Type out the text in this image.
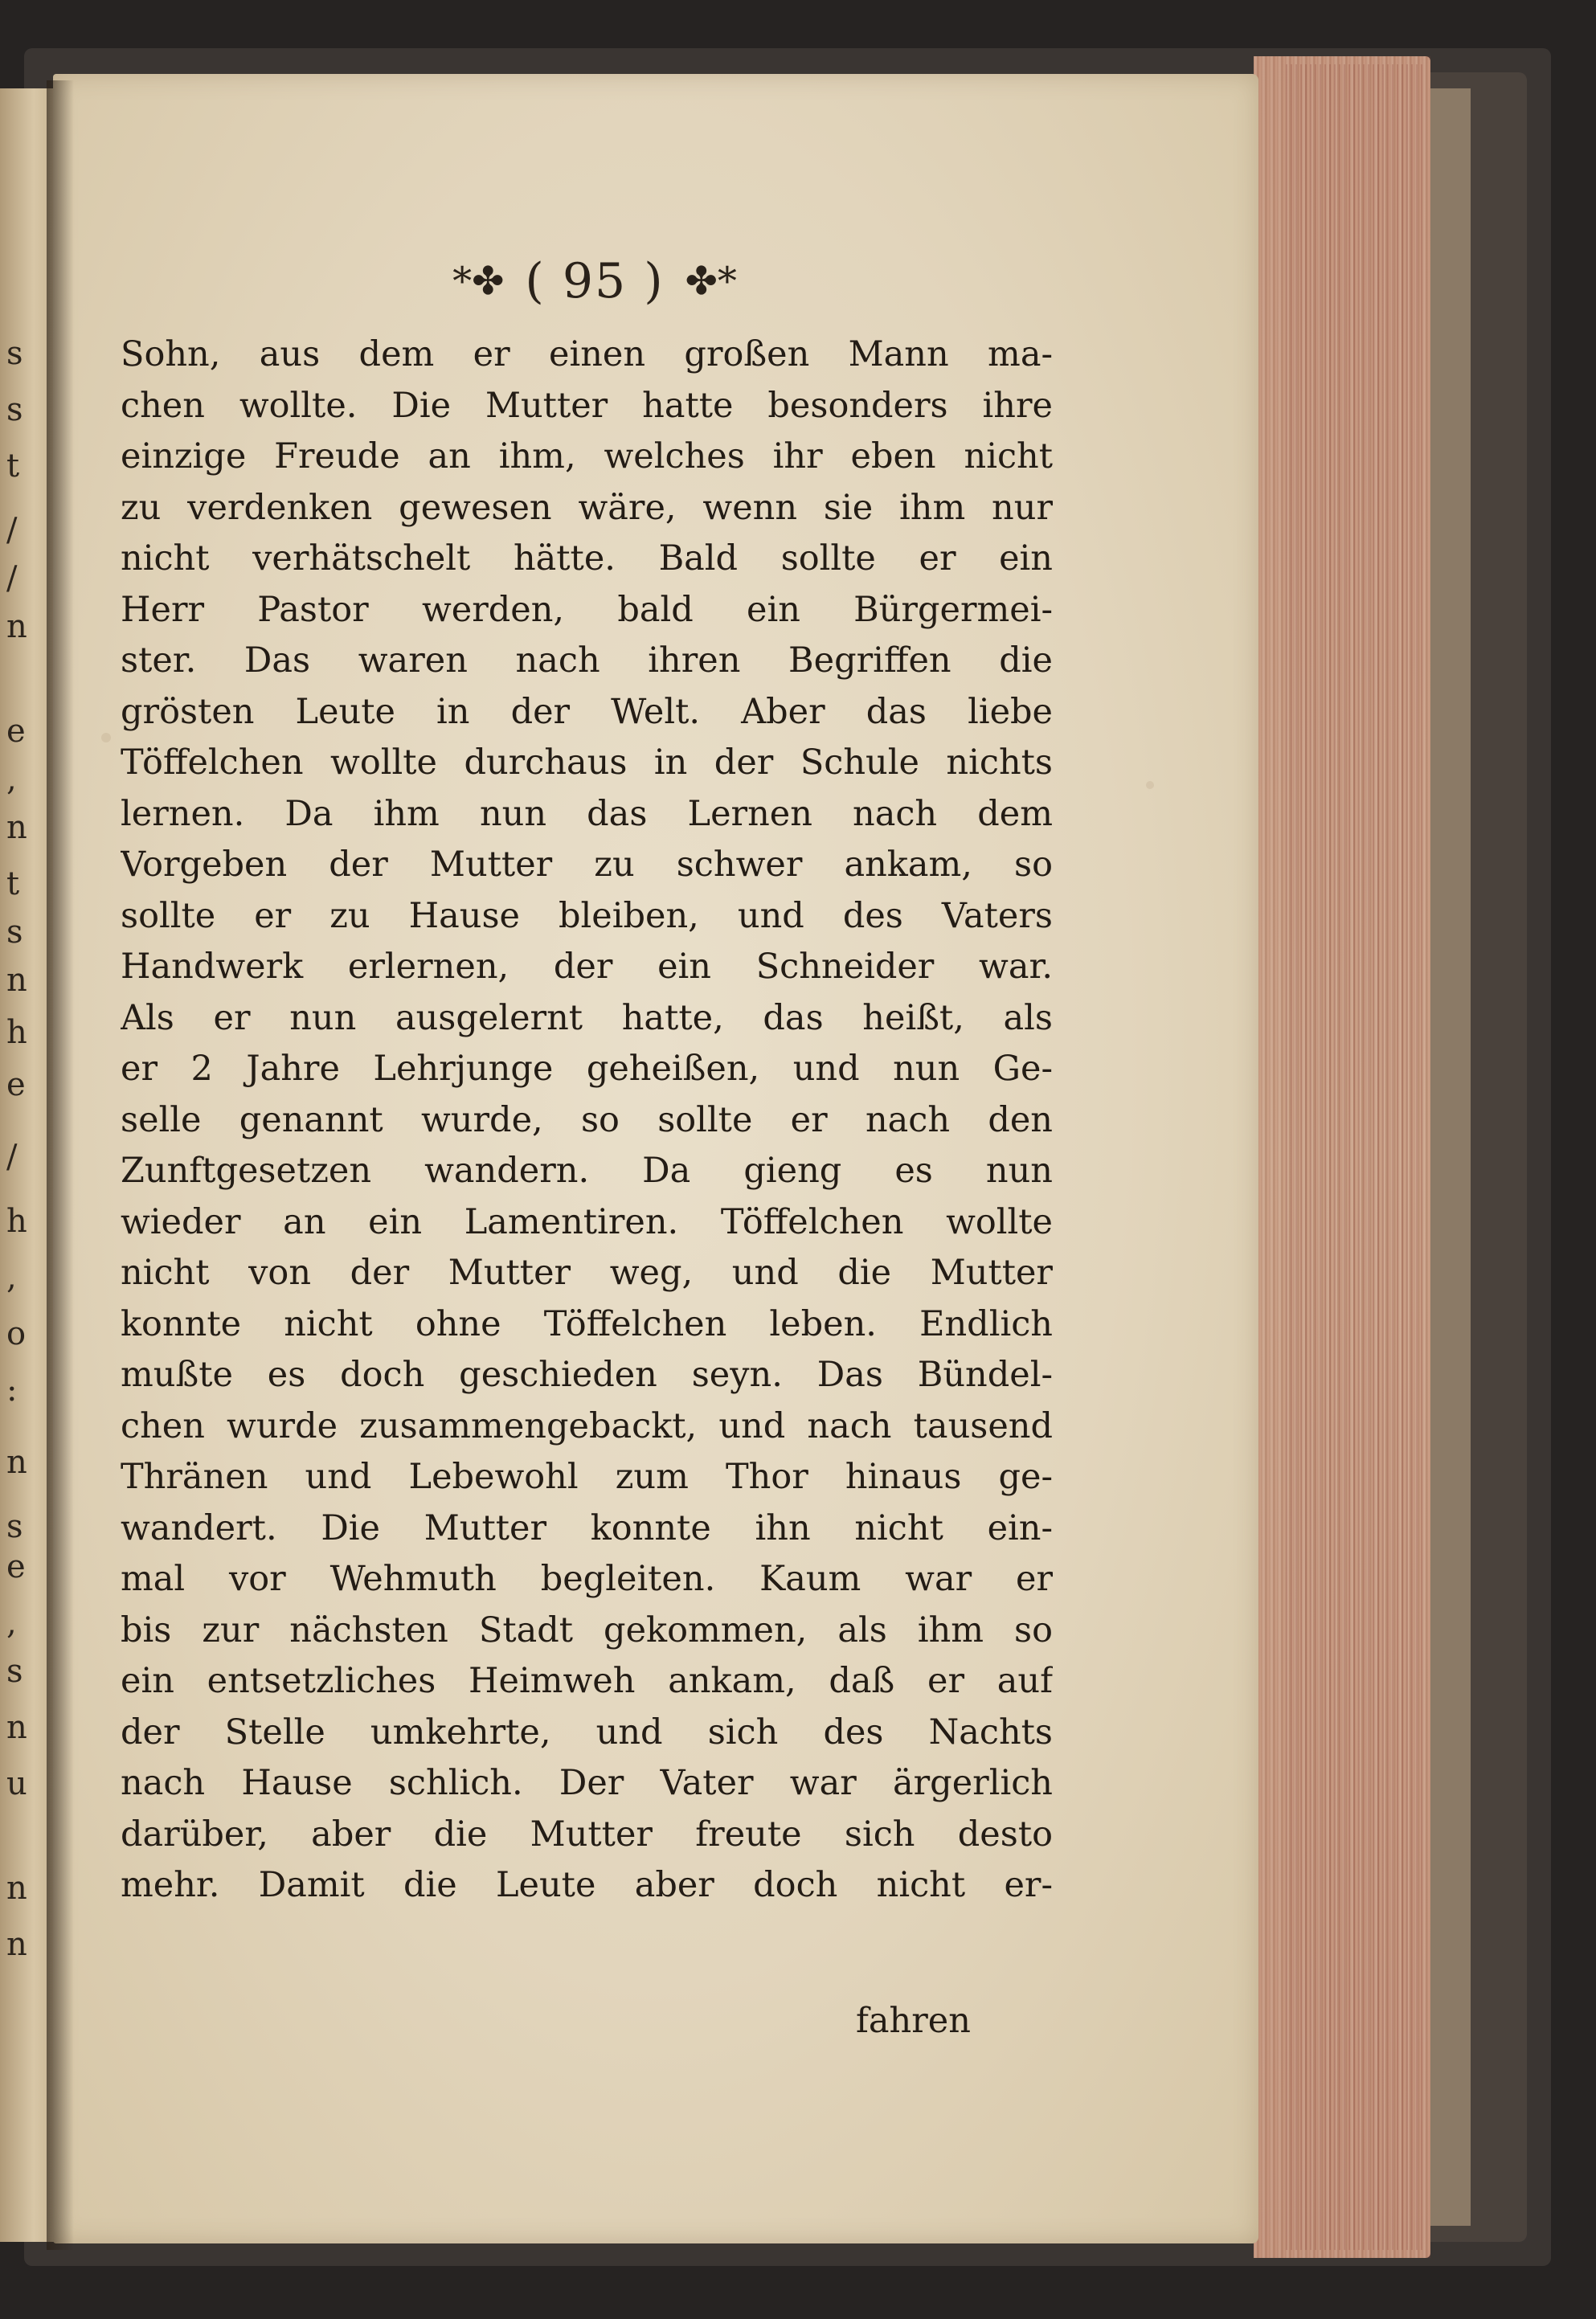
s
s
t
/
/
n
e
,
n
t
s
n
h
e
/
h
,
o
:
n
s
e
,
s
n
u
n
n
*✤ ( 95 ) ✤*
Sohn, aus dem er einen großen Mann ma-
chen wollte. Die Mutter hatte besonders ihre
einzige Freude an ihm, welches ihr eben nicht
zu verdenken gewesen wäre, wenn sie ihm nur
nicht verhätschelt hätte. Bald sollte er ein
Herr Pastor werden, bald ein Bürgermei-
ster. Das waren nach ihren Begriffen die
grösten Leute in der Welt. Aber das liebe
Töffelchen wollte durchaus in der Schule nichts
lernen. Da ihm nun das Lernen nach dem
Vorgeben der Mutter zu schwer ankam, so
sollte er zu Hause bleiben, und des Vaters
Handwerk erlernen, der ein Schneider war.
Als er nun ausgelernt hatte, das heißt, als
er 2 Jahre Lehrjunge geheißen, und nun Ge-
selle genannt wurde, so sollte er nach den
Zunftgesetzen wandern. Da gieng es nun
wieder an ein Lamentiren. Töffelchen wollte
nicht von der Mutter weg, und die Mutter
konnte nicht ohne Töffelchen leben. Endlich
mußte es doch geschieden seyn. Das Bündel-
chen wurde zusammengebackt, und nach tausend
Thränen und Lebewohl zum Thor hinaus ge-
wandert. Die Mutter konnte ihn nicht ein-
mal vor Wehmuth begleiten. Kaum war er
bis zur nächsten Stadt gekommen, als ihm so
ein entsetzliches Heimweh ankam, daß er auf
der Stelle umkehrte, und sich des Nachts
nach Hause schlich. Der Vater war ärgerlich
darüber, aber die Mutter freute sich desto
mehr. Damit die Leute aber doch nicht er-
fahren
